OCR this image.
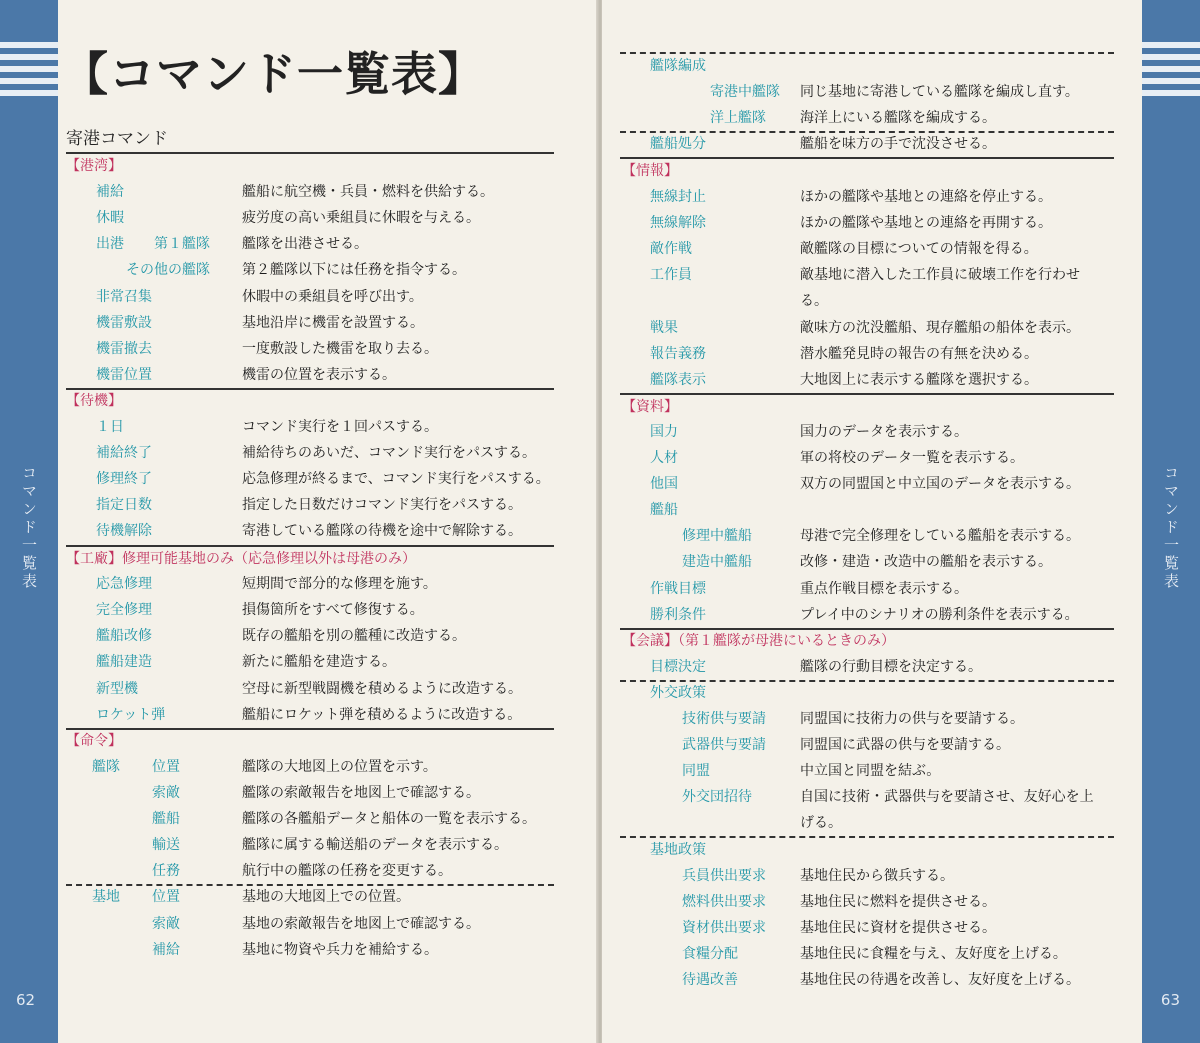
コマンド一覧表
62
【コマンド一覧表】
寄港コマンド
【港湾】
補給	艦船に航空機・兵員・燃料を供給する。
休暇	疲労度の高い乗組員に休暇を与える。
出港 第１艦隊 艦隊を出港させる。
その他の艦隊 第２艦隊以下には任務を指令する。
非常召集	休暇中の乗組員を呼び出す。
機雷敷設	基地沿岸に機雷を設置する。
機雷撤去	一度敷設した機雷を取り去る。
機雷位置	機雷の位置を表示する。
【待機】
１日	コマンド実行を１回パスする。
補給終了	補給待ちのあいだ、コマンド実行をパスする。
修理終了	応急修理が終るまで、コマンド実行をパスする。
指定日数	指定した日数だけコマンド実行をパスする。
待機解除	寄港している艦隊の待機を途中で解除する。
【工廠】修理可能基地のみ（応急修理以外は母港のみ）
応急修理	短期間で部分的な修理を施す。
完全修理	損傷箇所をすべて修復する。
艦船改修	既存の艦船を別の艦種に改造する。
艦船建造	新たに艦船を建造する。
新型機	空母に新型戦闘機を積めるように改造する。
ロケット弾	艦船にロケット弾を積めるように改造する。
【命令】
艦隊 位置	艦隊の大地図上の位置を示す。
索敵	艦隊の索敵報告を地図上で確認する。
艦船	艦隊の各艦船データと船体の一覧を表示する。
輸送	艦隊に属する輸送船のデータを表示する。
任務	航行中の艦隊の任務を変更する。
基地 位置	基地の大地図上での位置。
索敵	基地の索敵報告を地図上で確認する。
補給	基地に物資や兵力を補給する。
コマンド一覧表
63
艦隊編成
寄港中艦隊 同じ基地に寄港している艦隊を編成し直す。
洋上艦隊 海洋上にいる艦隊を編成する。
艦船処分	艦船を味方の手で沈没させる。
【情報】
無線封止	ほかの艦隊や基地との連絡を停止する。
無線解除	ほかの艦隊や基地との連絡を再開する。
敵作戦	敵艦隊の目標についての情報を得る。
工作員	敵基地に潜入した工作員に破壊工作を行わせ
る。
戦果	敵味方の沈没艦船、現存艦船の船体を表示。
報告義務	潜水艦発見時の報告の有無を決める。
艦隊表示	大地図上に表示する艦隊を選択する。
【資料】
国力	国力のデータを表示する。
人材	軍の将校のデータ一覧を表示する。
他国	双方の同盟国と中立国のデータを表示する。
艦船
修理中艦船	母港で完全修理をしている艦船を表示する。
建造中艦船	改修・建造・改造中の艦船を表示する。
作戦目標	重点作戦目標を表示する。
勝利条件	プレイ中のシナリオの勝利条件を表示する。
【会議】（第１艦隊が母港にいるときのみ）
目標決定	艦隊の行動目標を決定する。
外交政策
技術供与要請 同盟国に技術力の供与を要請する。
武器供与要請 同盟国に武器の供与を要請する。
同盟	中立国と同盟を結ぶ。
外交団招待	自国に技術・武器供与を要請させ、友好心を上
げる。
基地政策
兵員供出要求 基地住民から徴兵する。
燃料供出要求 基地住民に燃料を提供させる。
資材供出要求 基地住民に資材を提供させる。
食糧分配	基地住民に食糧を与え、友好度を上げる。
待遇改善	基地住民の待遇を改善し、友好度を上げる。
